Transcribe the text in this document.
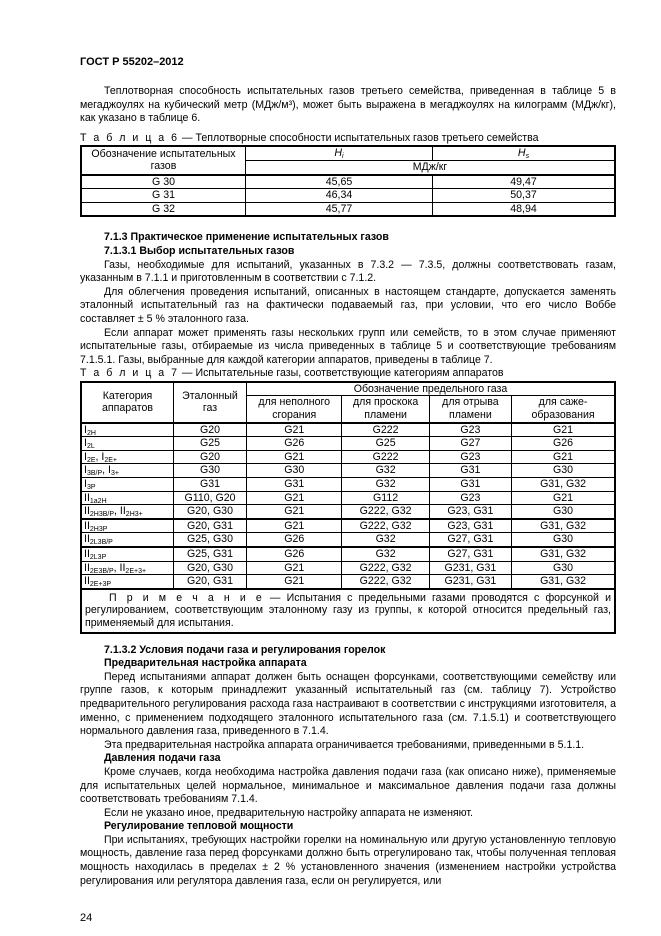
ГОСТ Р 55202–2012

Теплотворная способность испытательных газов третьего семейства, приведенная в таблице 5 в мегаджоулях на кубический метр (МДж/м³), может быть выражена в мегаджоулях на килограмм (МДж/кг), как указано в таблице 6.

Т а б л и ц а 6 — Теплотворные способности испытательных газов третьего семейства
Обозначение испытательных газов	$H_i$	$H_s$
	МДж/кг	
G 30	45,65	49,47
G 31	46,34	50,37
G 32	45,77	48,94
7.1.3 Практическое применение испытательных газов
7.1.3.1 Выбор испытательных газов

Газы, необходимые для испытаний, указанных в 7.3.2 — 7.3.5, должны соответствовать газам, указанным в 7.1.1 и приготовленным в соответствии с 7.1.2.

Для облегчения проведения испытаний, описанных в настоящем стандарте, допускается заменять эталонный испытательный газ на фактически подаваемый газ, при условии, что его число Воббе составляет ± 5 % эталонного газа.

Если аппарат может применять газы нескольких групп или семейств, то в этом случае применяют испытательные газы, отбираемые из числа приведенных в таблице 5 и соответствующие требованиям 7.1.5.1. Газы, выбранные для каждой категории аппаратов, приведены в таблице 7.

Т а б л и ц а 7 — Испытательные газы, соответствующие категориям аппаратов
Категория аппаратов	Эталонный газ	Обозначение предельного газа			
		для неполного сгорания	для проскока пламени	для отрыва пламени	для саже-образования
$I_{2H}$	G20	G21	G222	G23	G21
$I_{2L}$	G25	G26	G25	G27	G26
$I_{2E}$, $I_{2E+}$	G20	G21	G222	G23	G21
$I_{3B/P}$, $I_{3+}$	G30	G30	G32	G31	G30
$I_{3P}$	G31	G31	G32	G31	G31, G32
$II_{1a2H}$	G110, G20	G21	G112	G23	G21
$II_{2H3B/P}$, $II_{2H3+}$	G20, G30	G21	G222, G32	G23, G31	G30
$II_{2H3P}$	G20, G31	G21	G222, G32	G23, G31	G31, G32
$II_{2L3B/P}$	G25, G30	G26	G32	G27, G31	G30
$II_{2L3P}$	G25, G31	G26	G32	G27, G31	G31, G32
$II_{2E3B/P}$, $II_{2E+3+}$	G20, G30	G21	G222, G32	G231, G31	G30
$II_{2E+3P}$	G20, G31	G21	G222, G32	G231, G31	G31, G32
П р и м е ч а н и е — Испытания с предельными газами проводятся с форсункой и регулированием, соответствующим эталонному газу из группы, к которой относится предельный газ, применяемый для испытания.					
7.1.3.2 Условия подачи газа и регулирования горелок
Предварительная настройка аппарата

Перед испытаниями аппарат должен быть оснащен форсунками, соответствующими семейству или группе газов, к которым принадлежит указанный испытательный газ (см. таблицу 7). Устройство предварительного регулирования расхода газа настраивают в соответствии с инструкциями изготовителя, а именно, с применением подходящего эталонного испытательного газа (см. 7.1.5.1) и соответствующего нормального давления газа, приведенного в 7.1.4.

Эта предварительная настройка аппарата ограничивается требованиями, приведенными в 5.1.1.

Давления подачи газа

Кроме случаев, когда необходима настройка давления подачи газа (как описано ниже), применяемые для испытательных целей нормальное, минимальное и максимальное давления подачи газа должны соответствовать требованиям 7.1.4.

Если не указано иное, предварительную настройку аппарата не изменяют.

Регулирование тепловой мощности

При испытаниях, требующих настройки горелки на номинальную или другую установленную тепловую мощность, давление газа перед форсунками должно быть отрегулировано так, чтобы полученная тепловая мощность находилась в пределах ± 2 % установленного значения (изменением настройки устройства регулирования или регулятора давления газа, если он регулируется, или

24
